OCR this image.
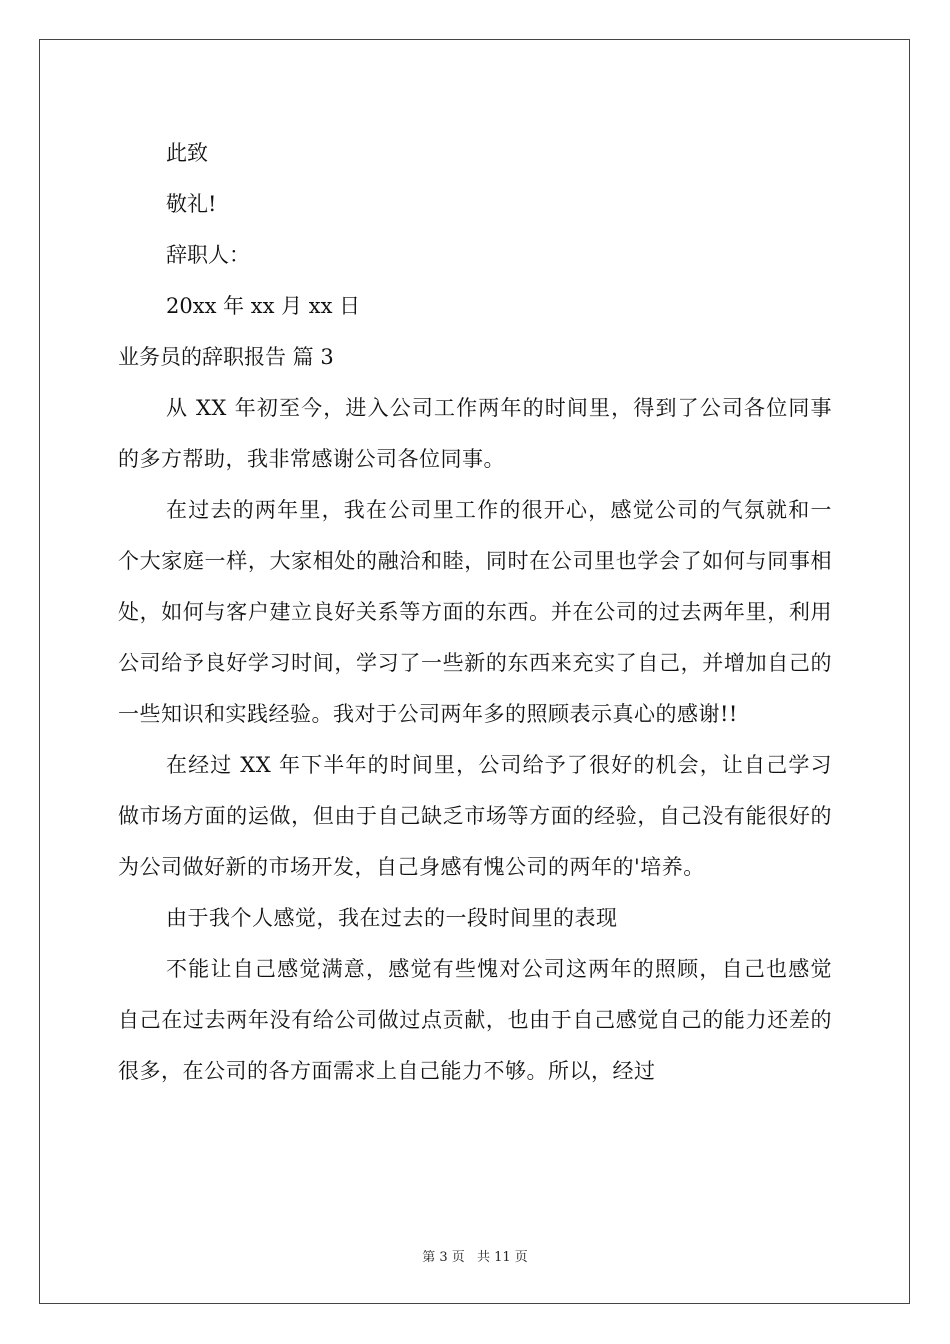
此致
敬礼!
辞职人：
20xx 年 xx 月 xx 日
业务员的辞职报告 篇 3

从 XX 年初至今，进入公司工作两年的时间里，得到了公司各位同事的多方帮助，我非常感谢公司各位同事。

在过去的两年里，我在公司里工作的很开心，感觉公司的气氛就和一个大家庭一样，大家相处的融洽和睦，同时在公司里也学会了如何与同事相处，如何与客户建立良好关系等方面的东西。并在公司的过去两年里，利用公司给予良好学习时间，学习了一些新的东西来充实了自己，并增加自己的一些知识和实践经验。我对于公司两年多的照顾表示真心的感谢!!

在经过 XX 年下半年的时间里，公司给予了很好的机会，让自己学习做市场方面的运做，但由于自己缺乏市场等方面的经验，自己没有能很好的为公司做好新的市场开发，自己身感有愧公司的两年的'培养。

由于我个人感觉，我在过去的一段时间里的表现

不能让自己感觉满意，感觉有些愧对公司这两年的照顾，自己也感觉自己在过去两年没有给公司做过点贡献，也由于自己感觉自己的能力还差的很多，在公司的各方面需求上自己能力不够。所以，经过

第 3 页 共 11 页
